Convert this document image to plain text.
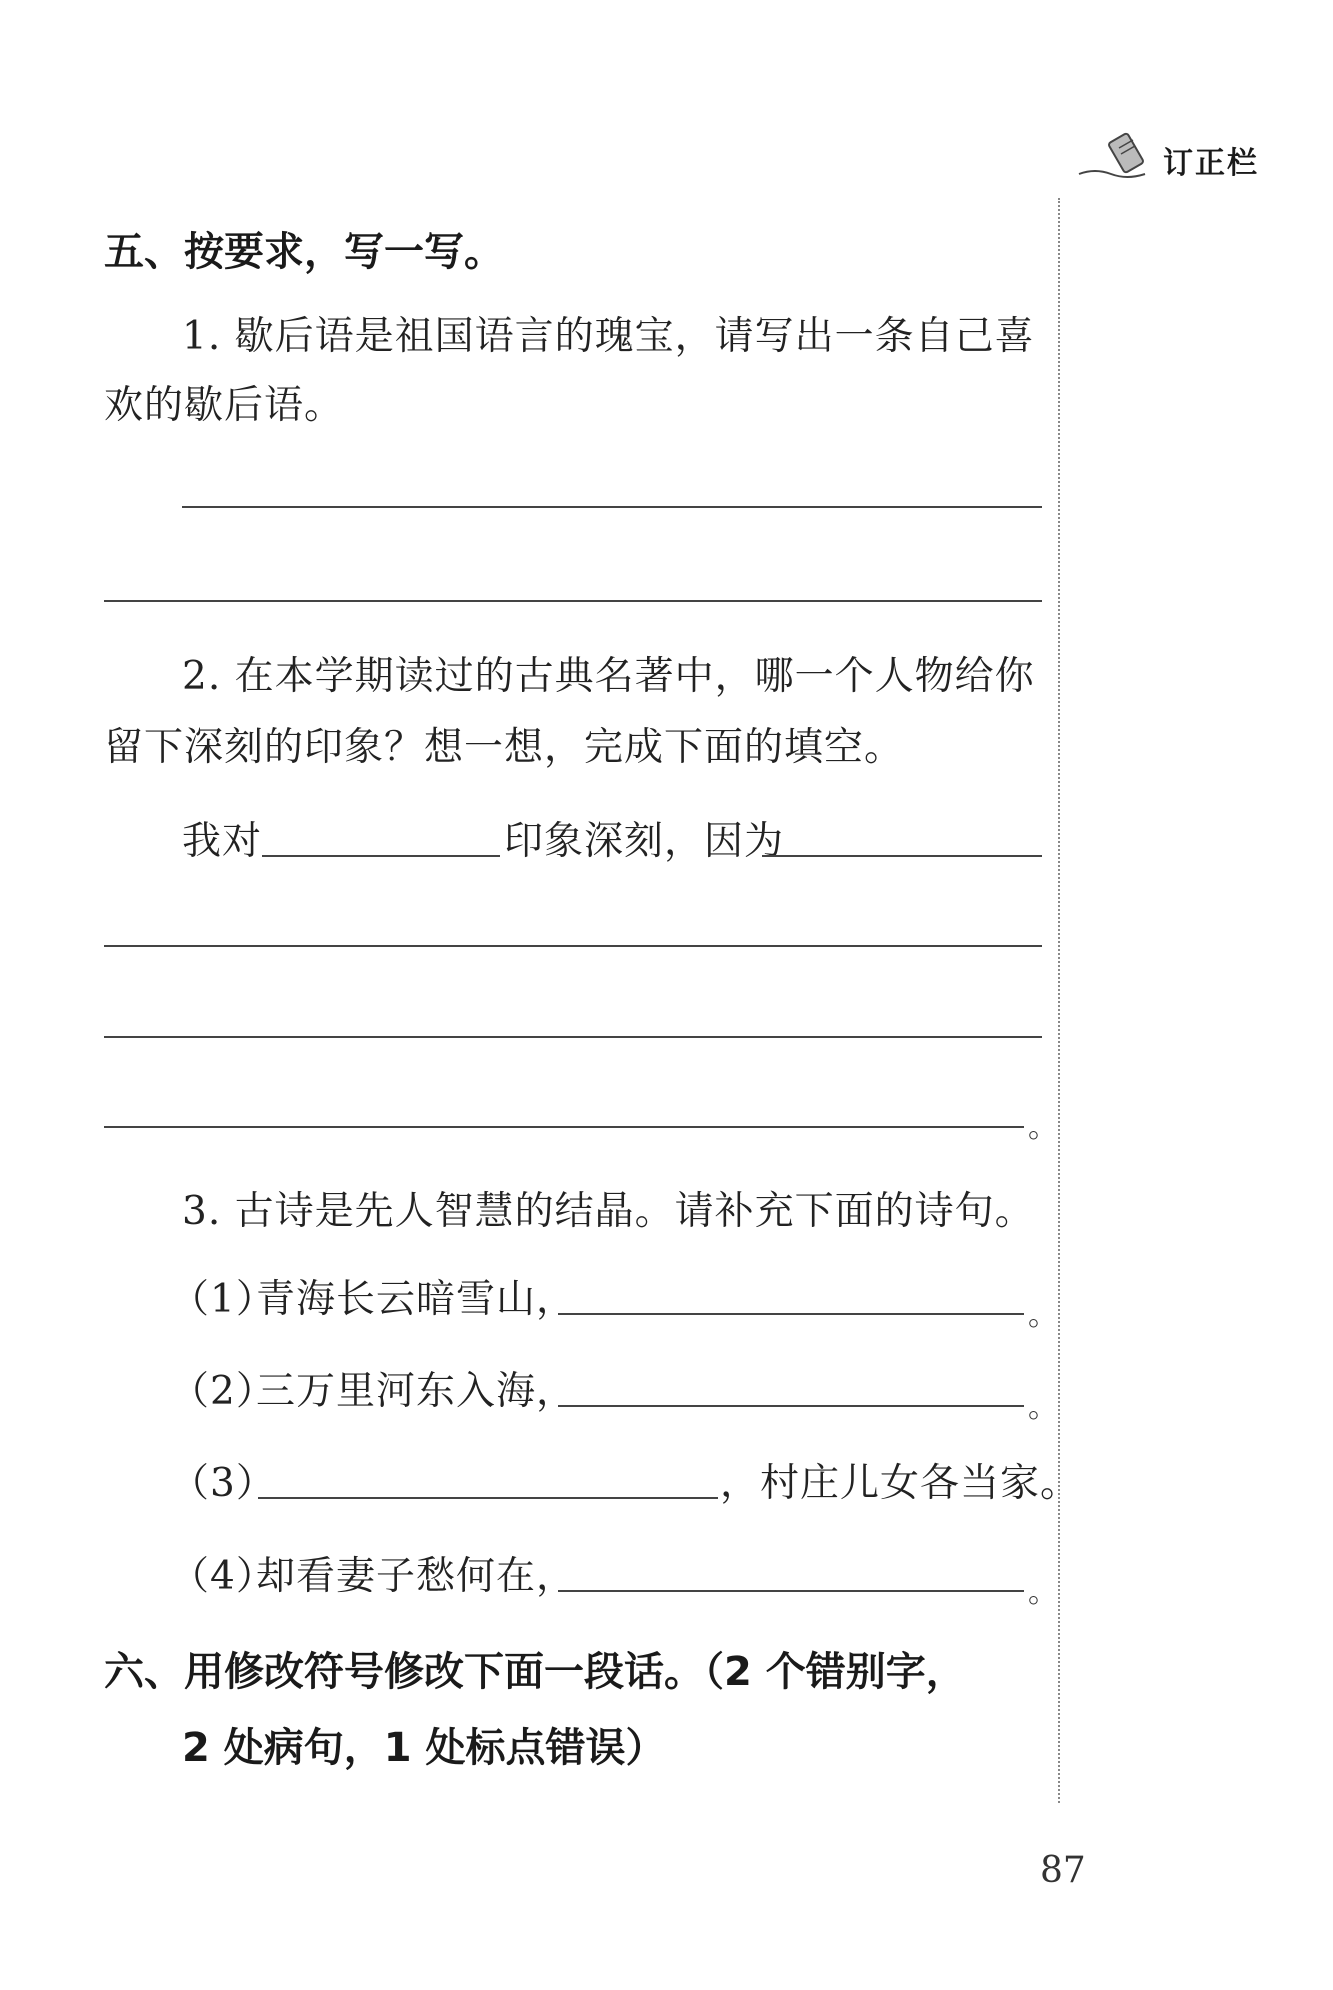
订正栏
五、按要求，写一写。
1. 歇后语是祖国语言的瑰宝，请写出一条自己喜
欢的歇后语。
2. 在本学期读过的古典名著中，哪一个人物给你
留下深刻的印象？想一想，完成下面的填空。
我对	印象深刻，因为
。
3. 古诗是先人智慧的结晶。请补充下面的诗句。
（1）
青海长云暗雪山，	。
（2）
三万里河东入海，	。
（3）	，村庄儿女各当家。
（4）
却看妻子愁何在，	。
六、用修改符号修改下面一段话。（2 个错别字，
2 处病句，1 处标点错误）
87
